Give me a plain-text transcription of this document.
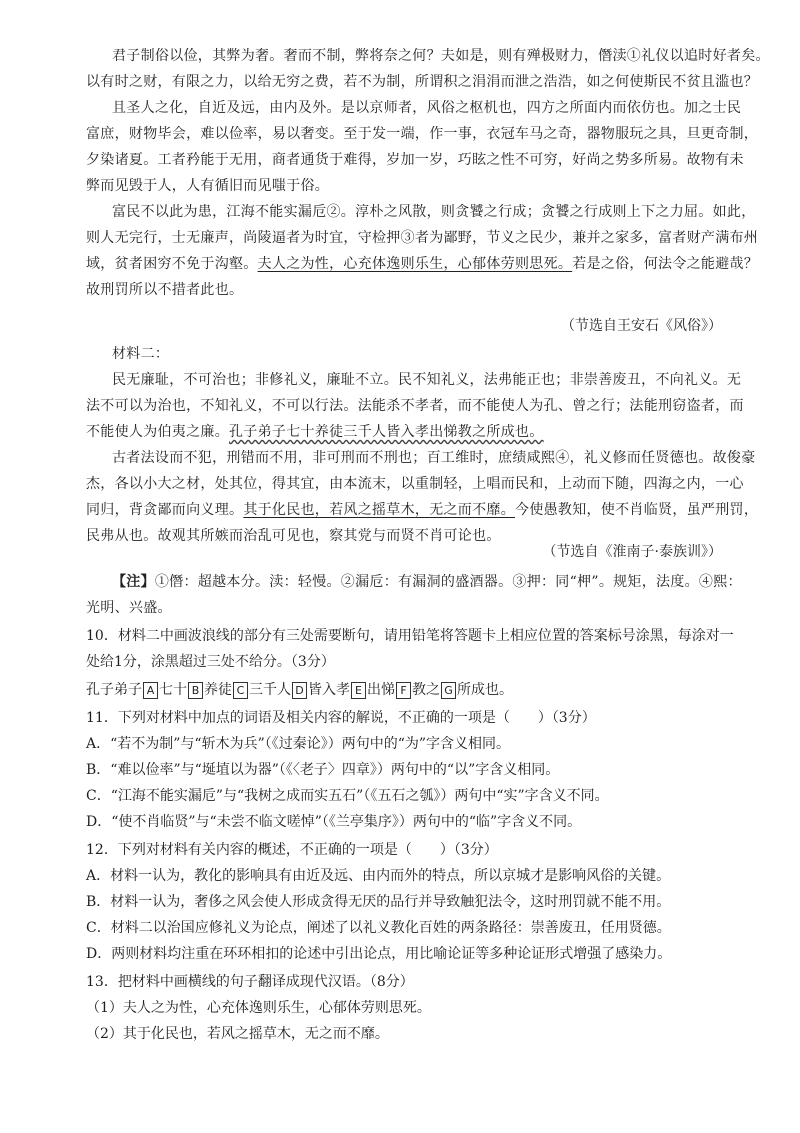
君子制俗以俭，其弊为奢。奢而不制，弊将奈之何？夫如是，则有殚极财力，僭渎①礼仪以追时好者矣。
以有时之财，有限之力，以给无穷之费，若不为制，所谓积之涓涓而泄之浩浩，如之何使斯民不贫且滥也？
且圣人之化，自近及远，由内及外。是以京师者，风俗之枢机也，四方之所面内而依仿也。加之士民
富庶，财物毕会，难以俭率，易以奢变。至于发一端，作一事，衣冠车马之奇，器物服玩之具，旦更奇制，
夕染诸夏。工者矜能于无用，商者通货于难得，岁加一岁，巧眩之性不可穷，好尚之势多所易。故物有未
弊而见毁于人，人有循旧而见嗤于俗。
富民不以此为患，江海不能实漏卮②。淳朴之风散，则贪饕之行成；贪饕之行成则上下之力屈。如此，
则人无完行，士无廉声，尚陵逼者为时宜，守检押③者为鄙野，节义之民少，兼并之家多，富者财产满布州
域，贫者困穷不免于沟壑。夫人之为性，心充体逸则乐生，心郁体劳则思死。若是之俗，何法令之能避哉？
故刑罚所以不措者此也。
（节选自王安石《风俗》）
材料二：
民无廉耻，不可治也；非修礼义，廉耻不立。民不知礼义，法弗能正也；非崇善废丑，不向礼义。无
法不可以为治也，不知礼义，不可以行法。法能杀不孝者，而不能使人为孔、曾之行；法能刑窃盗者，而
不能使人为伯夷之廉。孔子弟子七十养徒三千人皆入孝出悌教之所成也。
古者法设而不犯，刑错而不用，非可刑而不刑也；百工维时，庶绩咸熙④，礼义修而任贤德也。故俊豪
杰，各以小大之材，处其位，得其宜，由本流末，以重制轻，上唱而民和，上动而下随，四海之内，一心
同归，背贪鄙而向义理。其于化民也，若风之摇草木，无之而不靡。今使愚教知，使不肖临贤，虽严刑罚，
民弗从也。故观其所嫉而治乱可见也，察其党与而贤不肖可论也。
（节选自《淮南子·泰族训》）
【注】①僭：超越本分。渎：轻慢。②漏卮：有漏洞的盛酒器。③押：同“柙”。规矩，法度。④熙：
光明、兴盛。
10．材料二中画波浪线的部分有三处需要断句，请用铅笔将答题卡上相应位置的答案标号涂黑，每涂对一
处给1分，涂黑超过三处不给分。（3分）
孔子弟子 A 七十 B 养徒 C 三千人 D 皆入孝 E 出悌 F 教之 G 所成也。
11．下列对材料中加点的词语及相关内容的解说，不正确的一项是（　　）（3分）
A．“若不为制”与“斩木为兵”（《过秦论》）两句中的“为”字含义相同。
B．“难以俭率”与“埏埴以为器”（《〈老子〉四章》）两句中的“以”字含义相同。
C．“江海不能实漏卮”与“我树之成而实五石”（《五石之瓠》）两句中“实”字含义不同。
D．“使不肖临贤”与“未尝不临文嗟悼”（《兰亭集序》）两句中的“临”字含义不同。
12．下列对材料有关内容的概述，不正确的一项是（　　）（3分）
A．材料一认为，教化的影响具有由近及远、由内而外的特点，所以京城才是影响风俗的关键。
B．材料一认为，奢侈之风会使人形成贪得无厌的品行并导致触犯法令，这时刑罚就不能不用。
C．材料二以治国应修礼义为论点，阐述了以礼义教化百姓的两条路径：崇善废丑，任用贤德。
D．两则材料均注重在环环相扣的论述中引出论点，用比喻论证等多种论证形式增强了感染力。
13．把材料中画横线的句子翻译成现代汉语。（8分）
（1）夫人之为性，心充体逸则乐生，心郁体劳则思死。
（2）其于化民也，若风之摇草木，无之而不靡。
